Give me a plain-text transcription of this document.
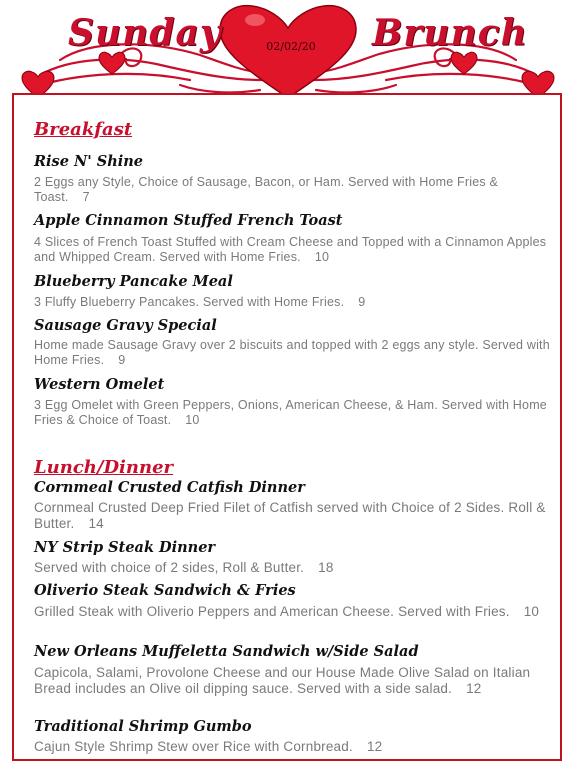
Sunday	Brunch
02/02/20
Breakfast
Rise N' Shine
2 Eggs any Style, Choice of Sausage, Bacon, or Ham. Served with Home Fries & Toast. 7
Apple Cinnamon Stuffed French Toast
4 Slices of French Toast Stuffed with Cream Cheese and Topped with a Cinnamon Apples and Whipped Cream. Served with Home Fries. 10
Blueberry Pancake Meal
3 Fluffy Blueberry Pancakes. Served with Home Fries. 9
Sausage Gravy Special
Home made Sausage Gravy over 2 biscuits and topped with 2 eggs any style. Served with Home Fries. 9
Western Omelet
3 Egg Omelet with Green Peppers, Onions, American Cheese, & Ham. Served with Home Fries & Choice of Toast. 10
Lunch/Dinner
Cornmeal Crusted Catfish Dinner
Cornmeal Crusted Deep Fried Filet of Catfish served with Choice of 2 Sides. Roll & Butter. 14
NY Strip Steak Dinner
Served with choice of 2 sides, Roll & Butter. 18
Oliverio Steak Sandwich & Fries
Grilled Steak with Oliverio Peppers and American Cheese. Served with Fries. 10
New Orleans Muffeletta Sandwich w/Side Salad
Capicola, Salami, Provolone Cheese and our House Made Olive Salad on Italian Bread includes an Olive oil dipping sauce. Served with a side salad. 12
Traditional Shrimp Gumbo
Cajun Style Shrimp Stew over Rice with Cornbread. 12
